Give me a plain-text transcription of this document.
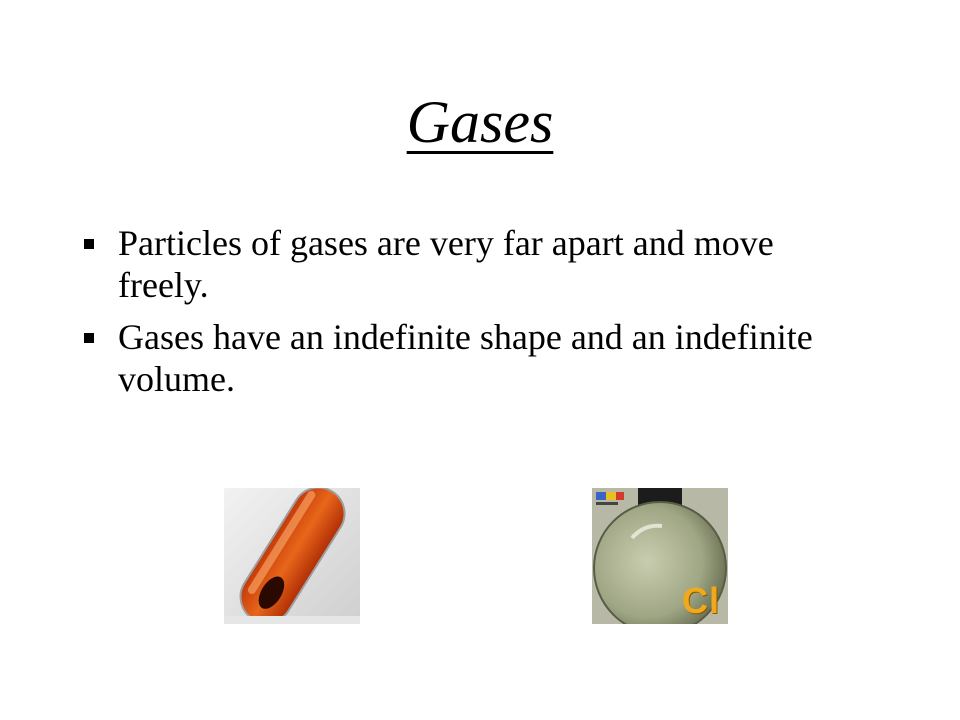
Gases
Particles of gases are very far apart and move freely.
Gases have an indefinite shape and an indefinite volume.
Cl
